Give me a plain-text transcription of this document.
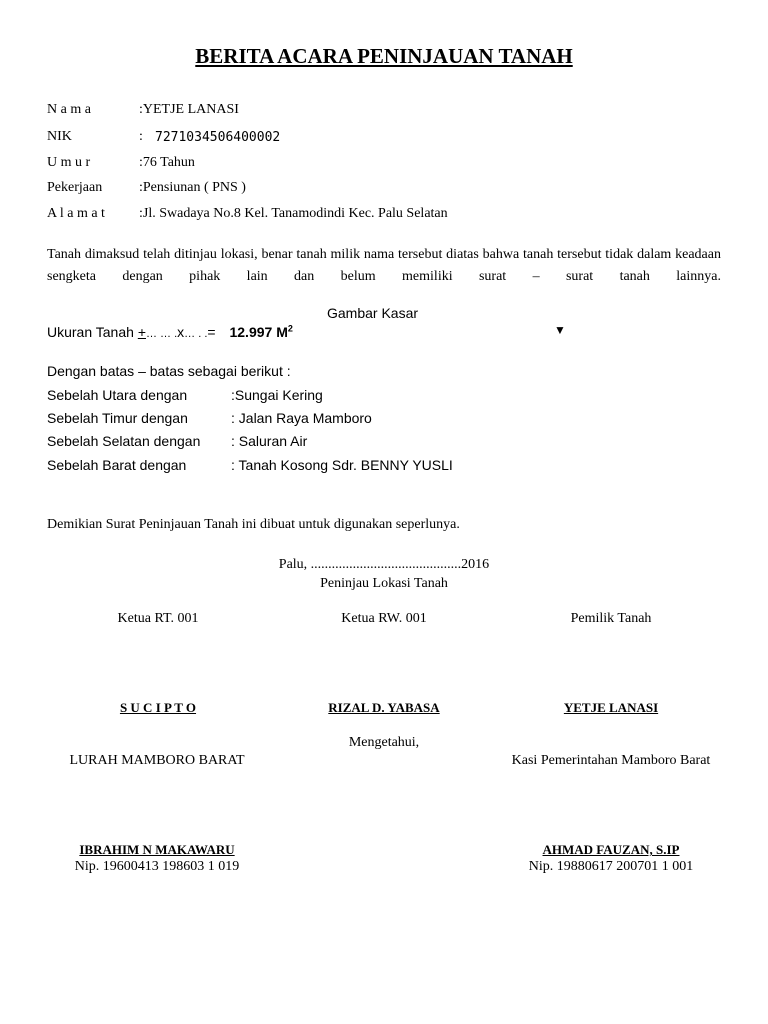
BERITA ACARA PENINJAUAN TANAH
N a m a	:YETJE LANASI
NIK	: 7271034506400002
U m u r	:76 Tahun
Pekerjaan	:Pensiunan ( PNS )
A l a m a t :Jl. Swadaya No.8 Kel. Tanamodindi Kec. Palu Selatan
Tanah dimaksud telah ditinjau lokasi, benar tanah milik nama tersebut diatas bahwa tanah tersebut tidak dalam keadaan sengketa dengan pihak lain dan belum memiliki surat – surat tanah lainnya.
Gambar Kasar
Ukuran Tanah +… … .x… . .= 12.997 $M^2$	▼
Dengan batas – batas sebagai berikut :
Sebelah Utara dengan	:Sungai Kering
Sebelah Timur dengan	: Jalan Raya Mamboro
Sebelah Selatan dengan : Saluran Air
Sebelah Barat dengan	: Tanah Kosong Sdr. BENNY YUSLI
Demikian Surat Peninjauan Tanah ini dibuat untuk digunakan seperlunya.
Palu, ...........................................2016
Peninjau Lokasi Tanah
Ketua RT. 001	Ketua RW. 001	Pemilik Tanah
S U C I P T O	RIZAL D. YABASA	YETJE LANASI
Mengetahui,
LURAH MAMBORO BARAT	Kasi Pemerintahan Mamboro Barat
IBRAHIM N MAKAWARU
Nip. 19600413 198603 1 019
AHMAD FAUZAN, S.IP
Nip. 19880617 200701 1 001
